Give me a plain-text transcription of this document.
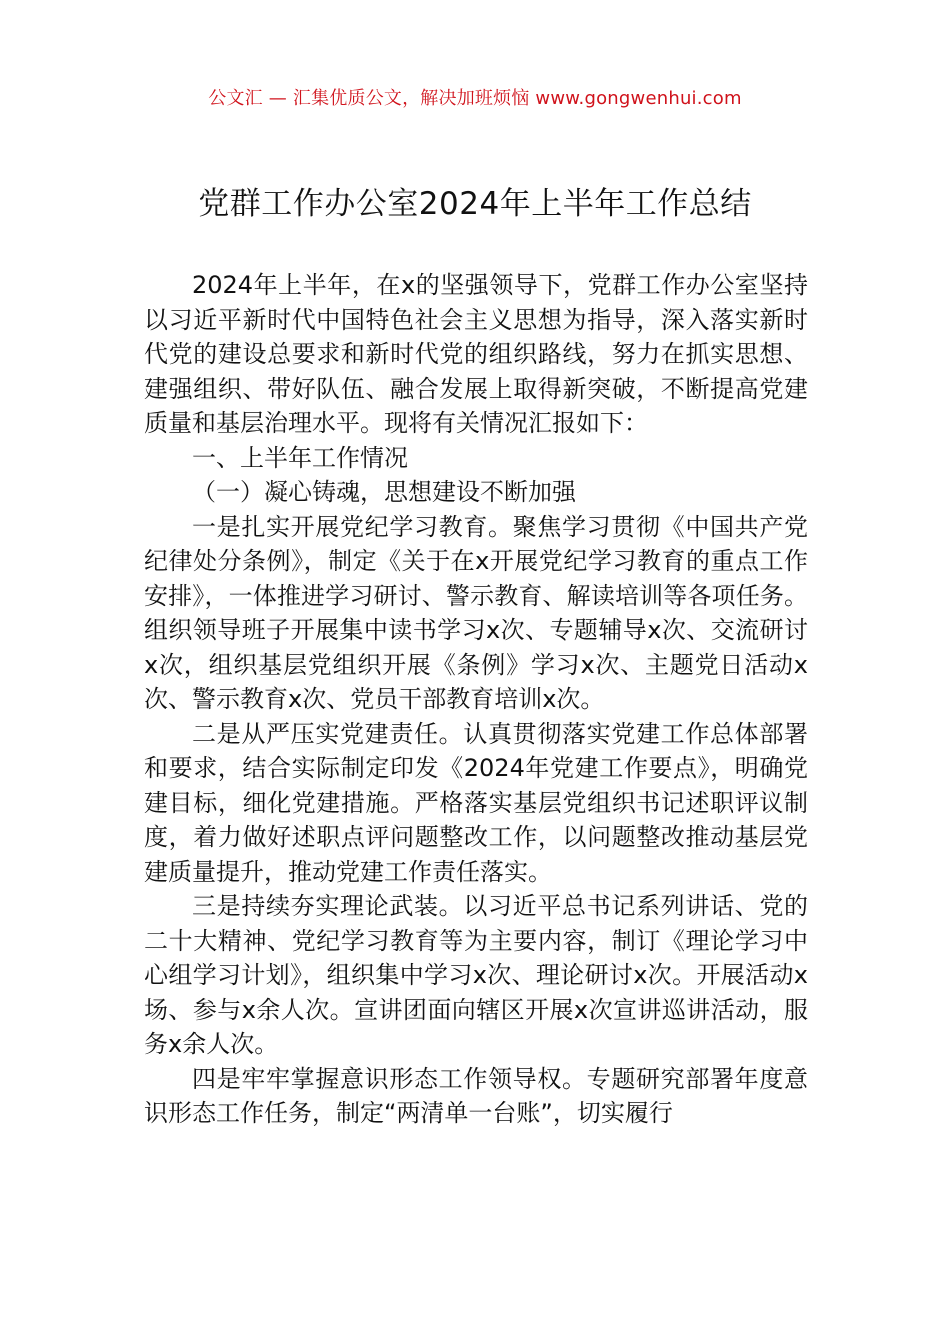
公文汇 — 汇集优质公文，解决加班烦恼 www.gongwenhui.com
党群工作办公室2024年上半年工作总结

2024年上半年，在x的坚强领导下，党群工作办公室坚持以习近平新时代中国特色社会主义思想为指导，深入落实新时代党的建设总要求和新时代党的组织路线，努力在抓实思想、建强组织、带好队伍、融合发展上取得新突破，不断提高党建质量和基层治理水平。现将有关情况汇报如下：

一、上半年工作情况

（一）凝心铸魂，思想建设不断加强

一是扎实开展党纪学习教育。聚焦学习贯彻《中国共产党纪律处分条例》，制定《关于在x开展党纪学习教育的重点工作安排》，一体推进学习研讨、警示教育、解读培训等各项任务。组织领导班子开展集中读书学习x次、专题辅导x次、交流研讨x次，组织基层党组织开展《条例》学习x次、主题党日活动x次、警示教育x次、党员干部教育培训x次。

二是从严压实党建责任。认真贯彻落实党建工作总体部署和要求，结合实际制定印发《2024年党建工作要点》，明确党建目标，细化党建措施。严格落实基层党组织书记述职评议制度，着力做好述职点评问题整改工作，以问题整改推动基层党建质量提升，推动党建工作责任落实。

三是持续夯实理论武装。以习近平总书记系列讲话、党的二十大精神、党纪学习教育等为主要内容，制订《理论学习中心组学习计划》，组织集中学习x次、理论研讨x次。开展活动x场、参与x余人次。宣讲团面向辖区开展x次宣讲巡讲活动，服务x余人次。

四是牢牢掌握意识形态工作领导权。专题研究部署年度意识形态工作任务，制定“两清单一台账”，切实履行
